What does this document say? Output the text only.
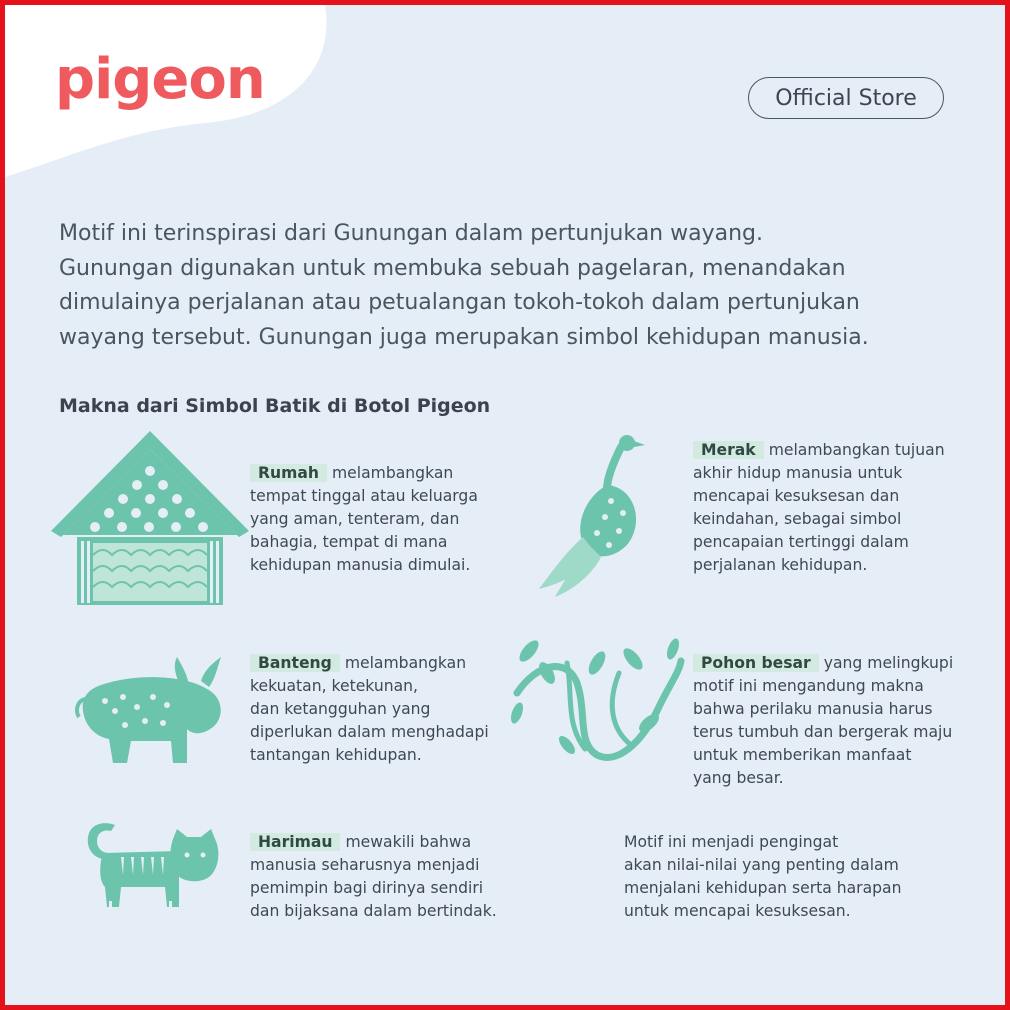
pigeon	Official Store
Motif ini terinspirasi dari Gunungan dalam pertunjukan wayang.
Gunungan digunakan untuk membuka sebuah pagelaran, menandakan
dimulainya perjalanan atau petualangan tokoh-tokoh dalam pertunjukan
wayang tersebut. Gunungan juga merupakan simbol kehidupan manusia.
Makna dari Simbol Batik di Botol Pigeon
Rumah melambangkan
tempat tinggal atau keluarga
yang aman, tenteram, dan
bahagia, tempat di mana
kehidupan manusia dimulai.
Merak melambangkan tujuan
akhir hidup manusia untuk
mencapai kesuksesan dan
keindahan, sebagai simbol
pencapaian tertinggi dalam
perjalanan kehidupan.
Banteng melambangkan
kekuatan, ketekunan,
dan ketangguhan yang
diperlukan dalam menghadapi
tantangan kehidupan.
Pohon besar yang melingkupi
motif ini mengandung makna
bahwa perilaku manusia harus
terus tumbuh dan bergerak maju
untuk memberikan manfaat
yang besar.
Harimau mewakili bahwa
manusia seharusnya menjadi
pemimpin bagi dirinya sendiri
dan bijaksana dalam bertindak.
Motif ini menjadi pengingat
akan nilai-nilai yang penting dalam
menjalani kehidupan serta harapan
untuk mencapai kesuksesan.
